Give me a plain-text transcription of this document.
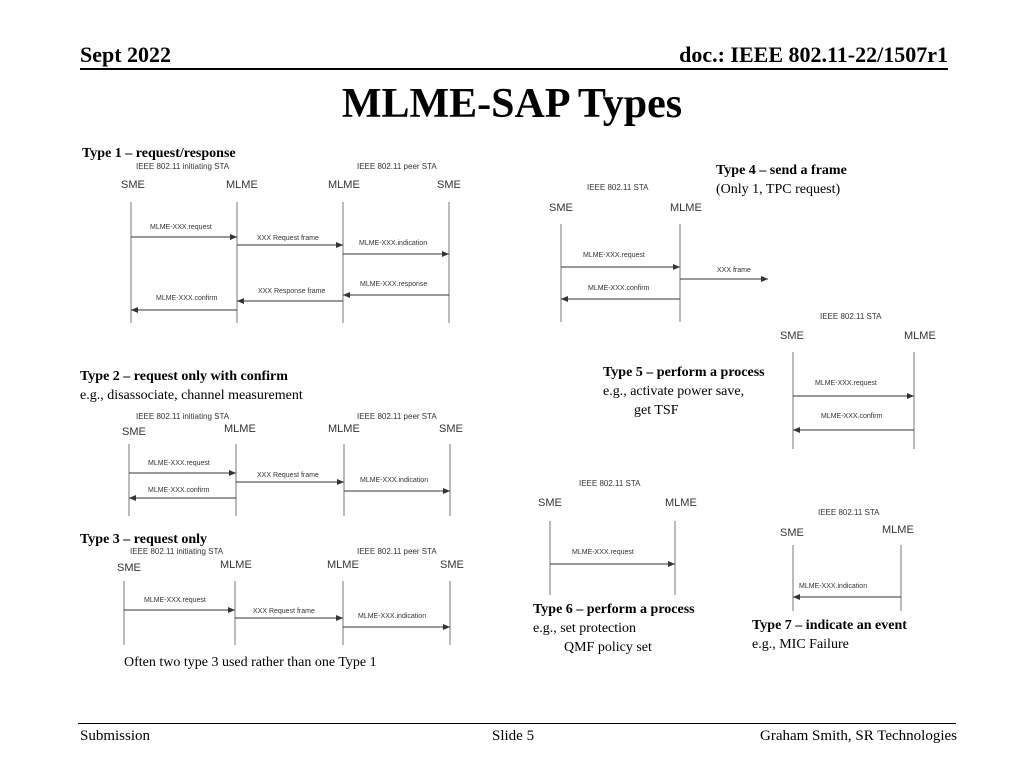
Sept 2022	doc.: IEEE 802.11-22/1507r1
MLME-SAP Types
Type 1 – request/response
Type 2 – request only with confirm
e.g., disassociate, channel measurement
Type 3 – request only
Type 4 – send a frame
(Only 1, TPC request)
Type 5 – perform a process
e.g., activate power save,
get TSF
Type 6 – perform a process
e.g., set protection
QMF policy set
Type 7 – indicate an event
e.g., MIC Failure
IEEE 802.11 initiating STA	IEEE 802.11 peer STA
SME	MLME	MLME	SME
MLME-XXX.request
XXX Request frame
MLME-XXX.indication
MLME-XXX.response
XXX Response frame
MLME-XXX.confirm
IEEE 802.11 initiating STA	IEEE 802.11 peer STA
SME	MLME	MLME	SME
MLME-XXX.request
XXX Request frame
MLME-XXX.indication
MLME-XXX.confirm
IEEE 802.11 initiating STA	IEEE 802.11 peer STA
SME	MLME	MLME	SME
MLME-XXX.request
XXX Request frame
MLME-XXX.indication
IEEE 802.11 STA
SME	MLME
MLME-XXX.request
XXX frame
MLME-XXX.confirm
IEEE 802.11 STA
SME	MLME
MLME-XXX.request
MLME-XXX.confirm
IEEE 802.11 STA
SME	MLME
MLME-XXX.request
IEEE 802.11 STA
SME	MLME
MLME-XXX.indication
Often two type 3 used rather than one Type 1
Submission	Slide 5	Graham Smith, SR Technologies
